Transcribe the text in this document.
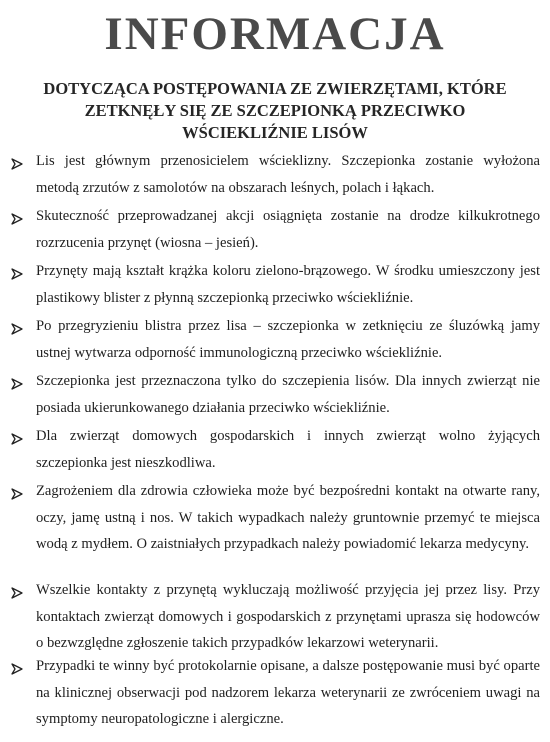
INFORMACJA
DOTYCZĄCA POSTĘPOWANIA ZE ZWIERZĘTAMI, KTÓRE ZETKNĘŁY SIĘ ZE SZCZEPIONKĄ PRZECIWKO WŚCIEKLIŹNIE LISÓW
Lis jest głównym przenosicielem wścieklizny. Szczepionka zostanie wyłożona metodą zrzutów z samolotów na obszarach leśnych, polach i łąkach.
Skuteczność przeprowadzanej akcji osiągnięta zostanie na drodze kilkukrotnego rozrzucenia przynęt (wiosna – jesień).
Przynęty mają kształt krążka koloru zielono-brązowego. W środku umieszczony jest plastikowy blister z płynną szczepionką przeciwko wściekliźnie.
Po przegryzieniu blistra przez lisa – szczepionka w zetknięciu ze śluzówką jamy ustnej wytwarza odporność immunologiczną przeciwko wściekliźnie.
Szczepionka jest przeznaczona tylko do szczepienia lisów. Dla innych zwierząt nie posiada ukierunkowanego działania przeciwko wściekliźnie.
Dla zwierząt domowych gospodarskich i innych zwierząt wolno żyjących szczepionka jest nieszkodliwa.
Zagrożeniem dla zdrowia człowieka może być bezpośredni kontakt na otwarte rany, oczy, jamę ustną i nos. W takich wypadkach należy gruntownie przemyć te miejsca wodą z mydłem. O zaistniałych przypadkach należy powiadomić lekarza medycyny.
Wszelkie kontakty z przynętą wykluczają możliwość przyjęcia jej przez lisy. Przy kontaktach zwierząt domowych i gospodarskich z przynętami uprasza się hodowców o bezwzględne zgłoszenie takich przypadków lekarzowi weterynarii.
Przypadki te winny być protokolarnie opisane, a dalsze postępowanie musi być oparte na klinicznej obserwacji pod nadzorem lekarza weterynarii ze zwróceniem uwagi na symptomy neuropatologiczne i alergiczne.
